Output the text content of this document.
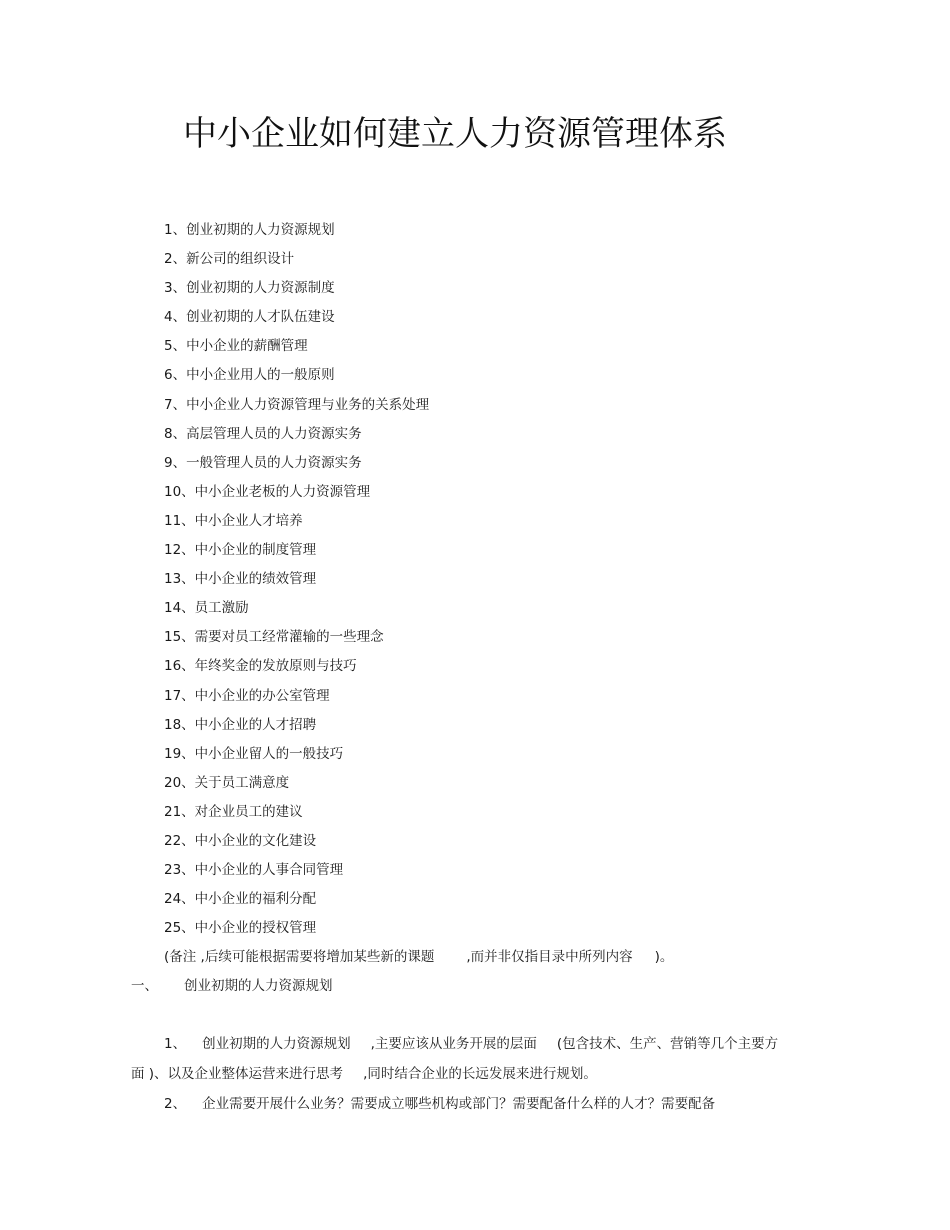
中小企业如何建立人力资源管理体系
1、创业初期的人力资源规划
2、新公司的组织设计
3、创业初期的人力资源制度
4、创业初期的人才队伍建设
5、中小企业的薪酬管理
6、中小企业用人的一般原则
7、中小企业人力资源管理与业务的关系处理
8、高层管理人员的人力资源实务
9、一般管理人员的人力资源实务
10、中小企业老板的人力资源管理
11、中小企业人才培养
12、中小企业的制度管理
13、中小企业的绩效管理
14、员工激励
15、需要对员工经常灌输的一些理念
16、年终奖金的发放原则与技巧
17、中小企业的办公室管理
18、中小企业的人才招聘
19、中小企业留人的一般技巧
20、关于员工满意度
21、对企业员工的建议
22、中小企业的文化建设
23、中小企业的人事合同管理
24、中小企业的福利分配
25、中小企业的授权管理
(备注 ,后续可能根据需要将增加某些新的课题 ,而并非仅指目录中所列内容 )。
一、 创业初期的人力资源规划
1、 创业初期的人力资源规划 ,主要应该从业务开展的层面 (包含技术、生产、营销等几个主要方面 )、以及企业整体运营来进行思考 ,同时结合企业的长远发展来进行规划。
2、 企业需要开展什么业务？需要成立哪些机构或部门？需要配备什么样的人才？需要配备
